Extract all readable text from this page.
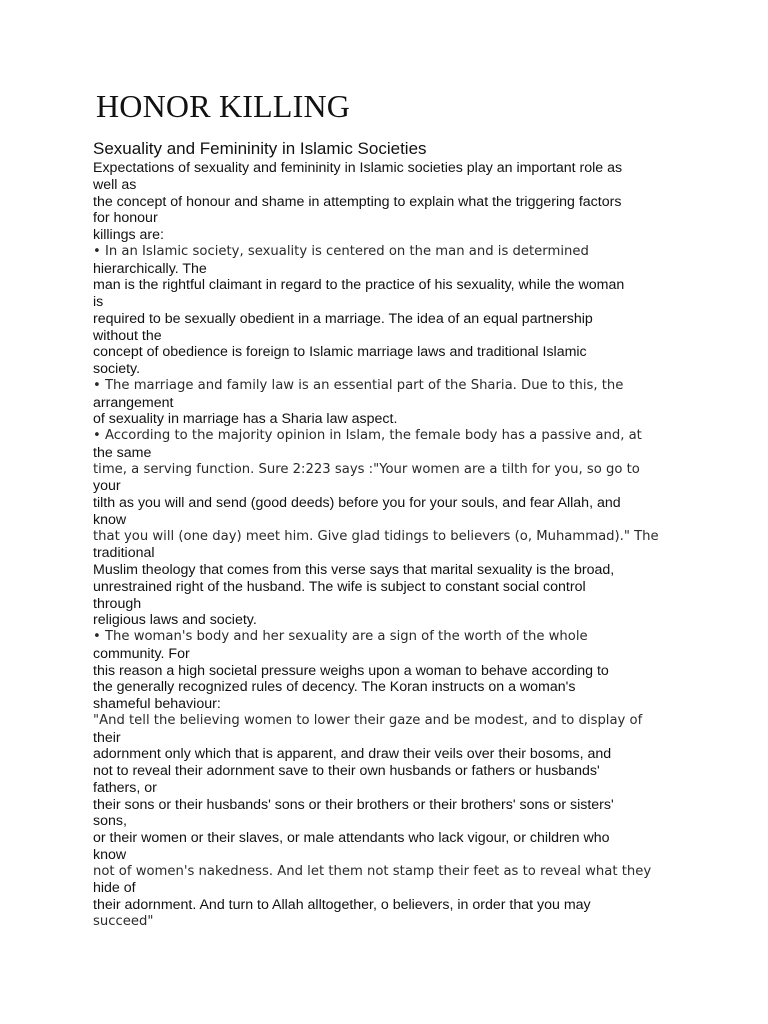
HONOR KILLING
Sexuality and Femininity in Islamic Societies
Expectations of sexuality and femininity in Islamic societies play an important role as
well as
the concept of honour and shame in attempting to explain what the triggering factors
for honour
killings are:
• In an Islamic society, sexuality is centered on the man and is determined
hierarchically. The
man is the rightful claimant in regard to the practice of his sexuality, while the woman
is
required to be sexually obedient in a marriage. The idea of an equal partnership
without the
concept of obedience is foreign to Islamic marriage laws and traditional Islamic
society.
• The marriage and family law is an essential part of the Sharia. Due to this, the
arrangement
of sexuality in marriage has a Sharia law aspect.
• According to the majority opinion in Islam, the female body has a passive and, at
the same
time, a serving function. Sure 2:223 says :"Your women are a tilth for you, so go to
your
tilth as you will and send (good deeds) before you for your souls, and fear Allah, and
know
that you will (one day) meet him. Give glad tidings to believers (o, Muhammad)." The
traditional
Muslim theology that comes from this verse says that marital sexuality is the broad,
unrestrained right of the husband. The wife is subject to constant social control
through
religious laws and society.
• The woman's body and her sexuality are a sign of the worth of the whole
community. For
this reason a high societal pressure weighs upon a woman to behave according to
the generally recognized rules of decency. The Koran instructs on a woman's
shameful behaviour:
"And tell the believing women to lower their gaze and be modest, and to display of
their
adornment only which that is apparent, and draw their veils over their bosoms, and
not to reveal their adornment save to their own husbands or fathers or husbands'
fathers, or
their sons or their husbands' sons or their brothers or their brothers' sons or sisters'
sons,
or their women or their slaves, or male attendants who lack vigour, or children who
know
not of women's nakedness. And let them not stamp their feet as to reveal what they
hide of
their adornment. And turn to Allah alltogether, o believers, in order that you may
succeed"
